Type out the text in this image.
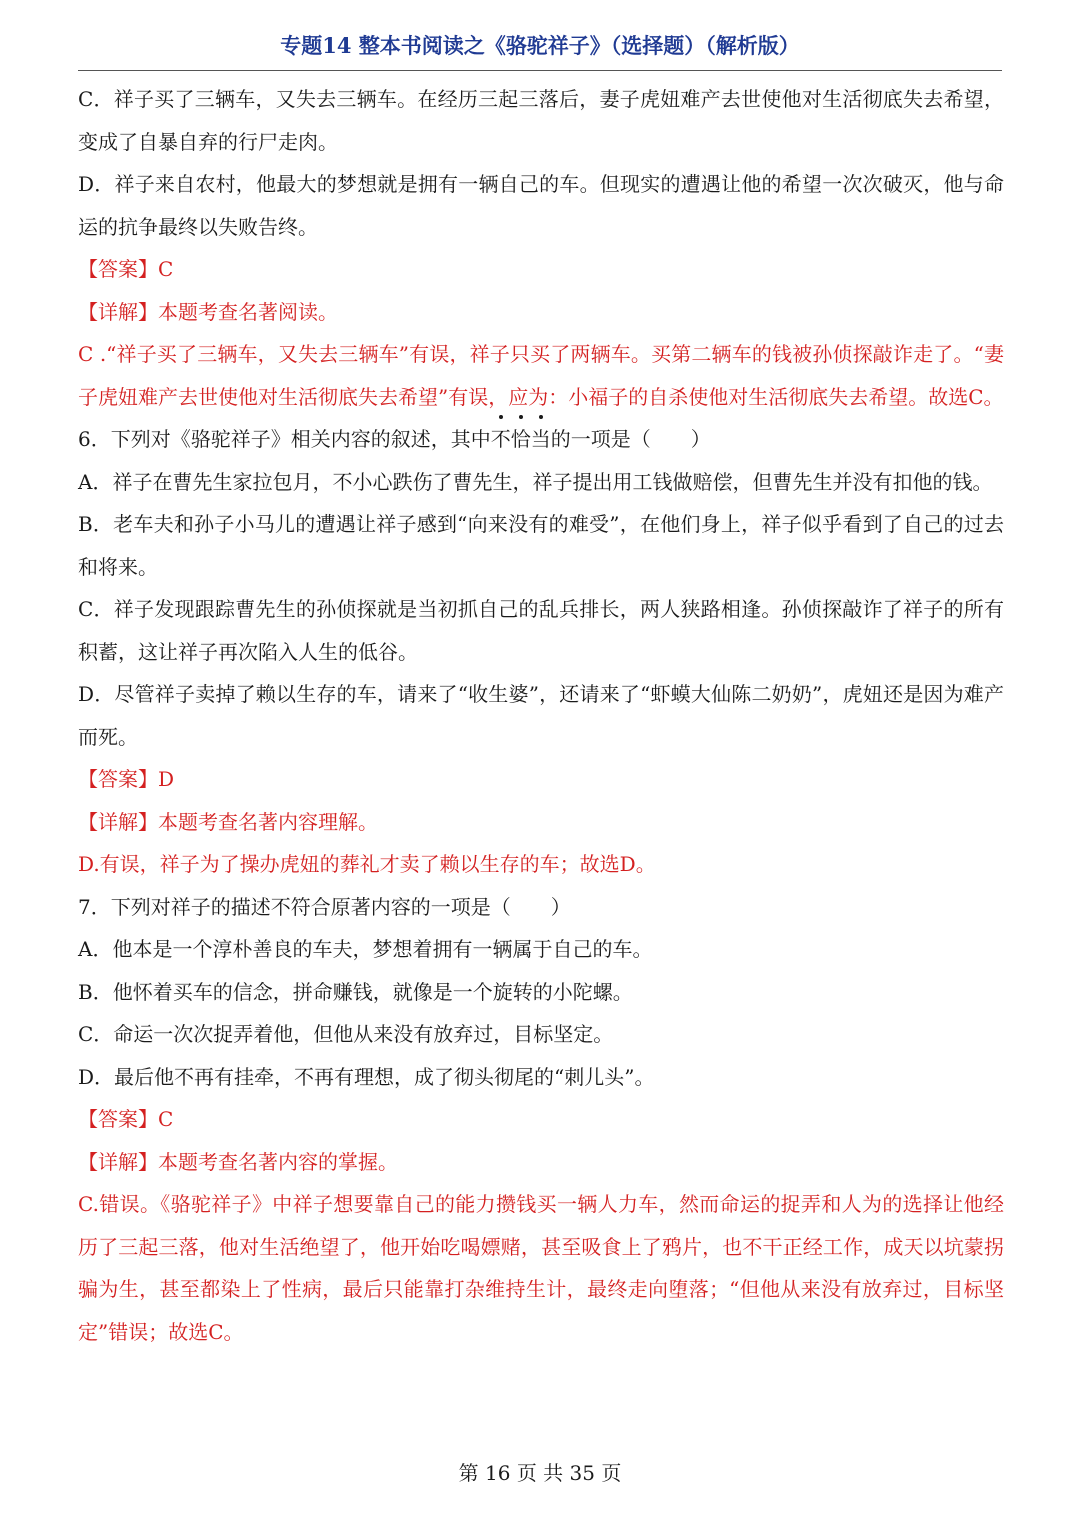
专题14 整本书阅读之《骆驼祥子》（选择题）（解析版）

C．祥子买了三辆车，又失去三辆车。在经历三起三落后，妻子虎妞难产去世使他对生活彻底失去希望，变成了自暴自弃的行尸走肉。

D．祥子来自农村，他最大的梦想就是拥有一辆自己的车。但现实的遭遇让他的希望一次次破灭，他与命运的抗争最终以失败告终。

【答案】C

【详解】本题考查名著阅读。

C .“祥子买了三辆车，又失去三辆车”有误，祥子只买了两辆车。买第二辆车的钱被孙侦探敲诈走了。“妻子虎妞难产去世使他对生活彻底失去希望”有误，应为：小福子的自杀使他对生活彻底失去希望。故选C。

6．下列对《骆驼祥子》相关内容的叙述，其中不恰当的一项是（　　）

A．祥子在曹先生家拉包月，不小心跌伤了曹先生，祥子提出用工钱做赔偿，但曹先生并没有扣他的钱。

B．老车夫和孙子小马儿的遭遇让祥子感到“向来没有的难受”，在他们身上，祥子似乎看到了自己的过去和将来。

C．祥子发现跟踪曹先生的孙侦探就是当初抓自己的乱兵排长，两人狭路相逢。孙侦探敲诈了祥子的所有积蓄，这让祥子再次陷入人生的低谷。

D．尽管祥子卖掉了赖以生存的车，请来了“收生婆”，还请来了“虾蟆大仙陈二奶奶”，虎妞还是因为难产而死。

【答案】D

【详解】本题考查名著内容理解。

D.有误，祥子为了操办虎妞的葬礼才卖了赖以生存的车；故选D。

7．下列对祥子的描述不符合原著内容的一项是（　　）

A．他本是一个淳朴善良的车夫，梦想着拥有一辆属于自己的车。

B．他怀着买车的信念，拼命赚钱，就像是一个旋转的小陀螺。

C．命运一次次捉弄着他，但他从来没有放弃过，目标坚定。

D．最后他不再有挂牵，不再有理想，成了彻头彻尾的“刺儿头”。

【答案】C

【详解】本题考查名著内容的掌握。

C.错误。《骆驼祥子》中祥子想要靠自己的能力攒钱买一辆人力车，然而命运的捉弄和人为的选择让他经历了三起三落，他对生活绝望了，他开始吃喝嫖赌，甚至吸食上了鸦片，也不干正经工作，成天以坑蒙拐骗为生，甚至都染上了性病，最后只能靠打杂维持生计，最终走向堕落；“但他从来没有放弃过，目标坚定”错误；故选C。

第 16 页 共 35 页
